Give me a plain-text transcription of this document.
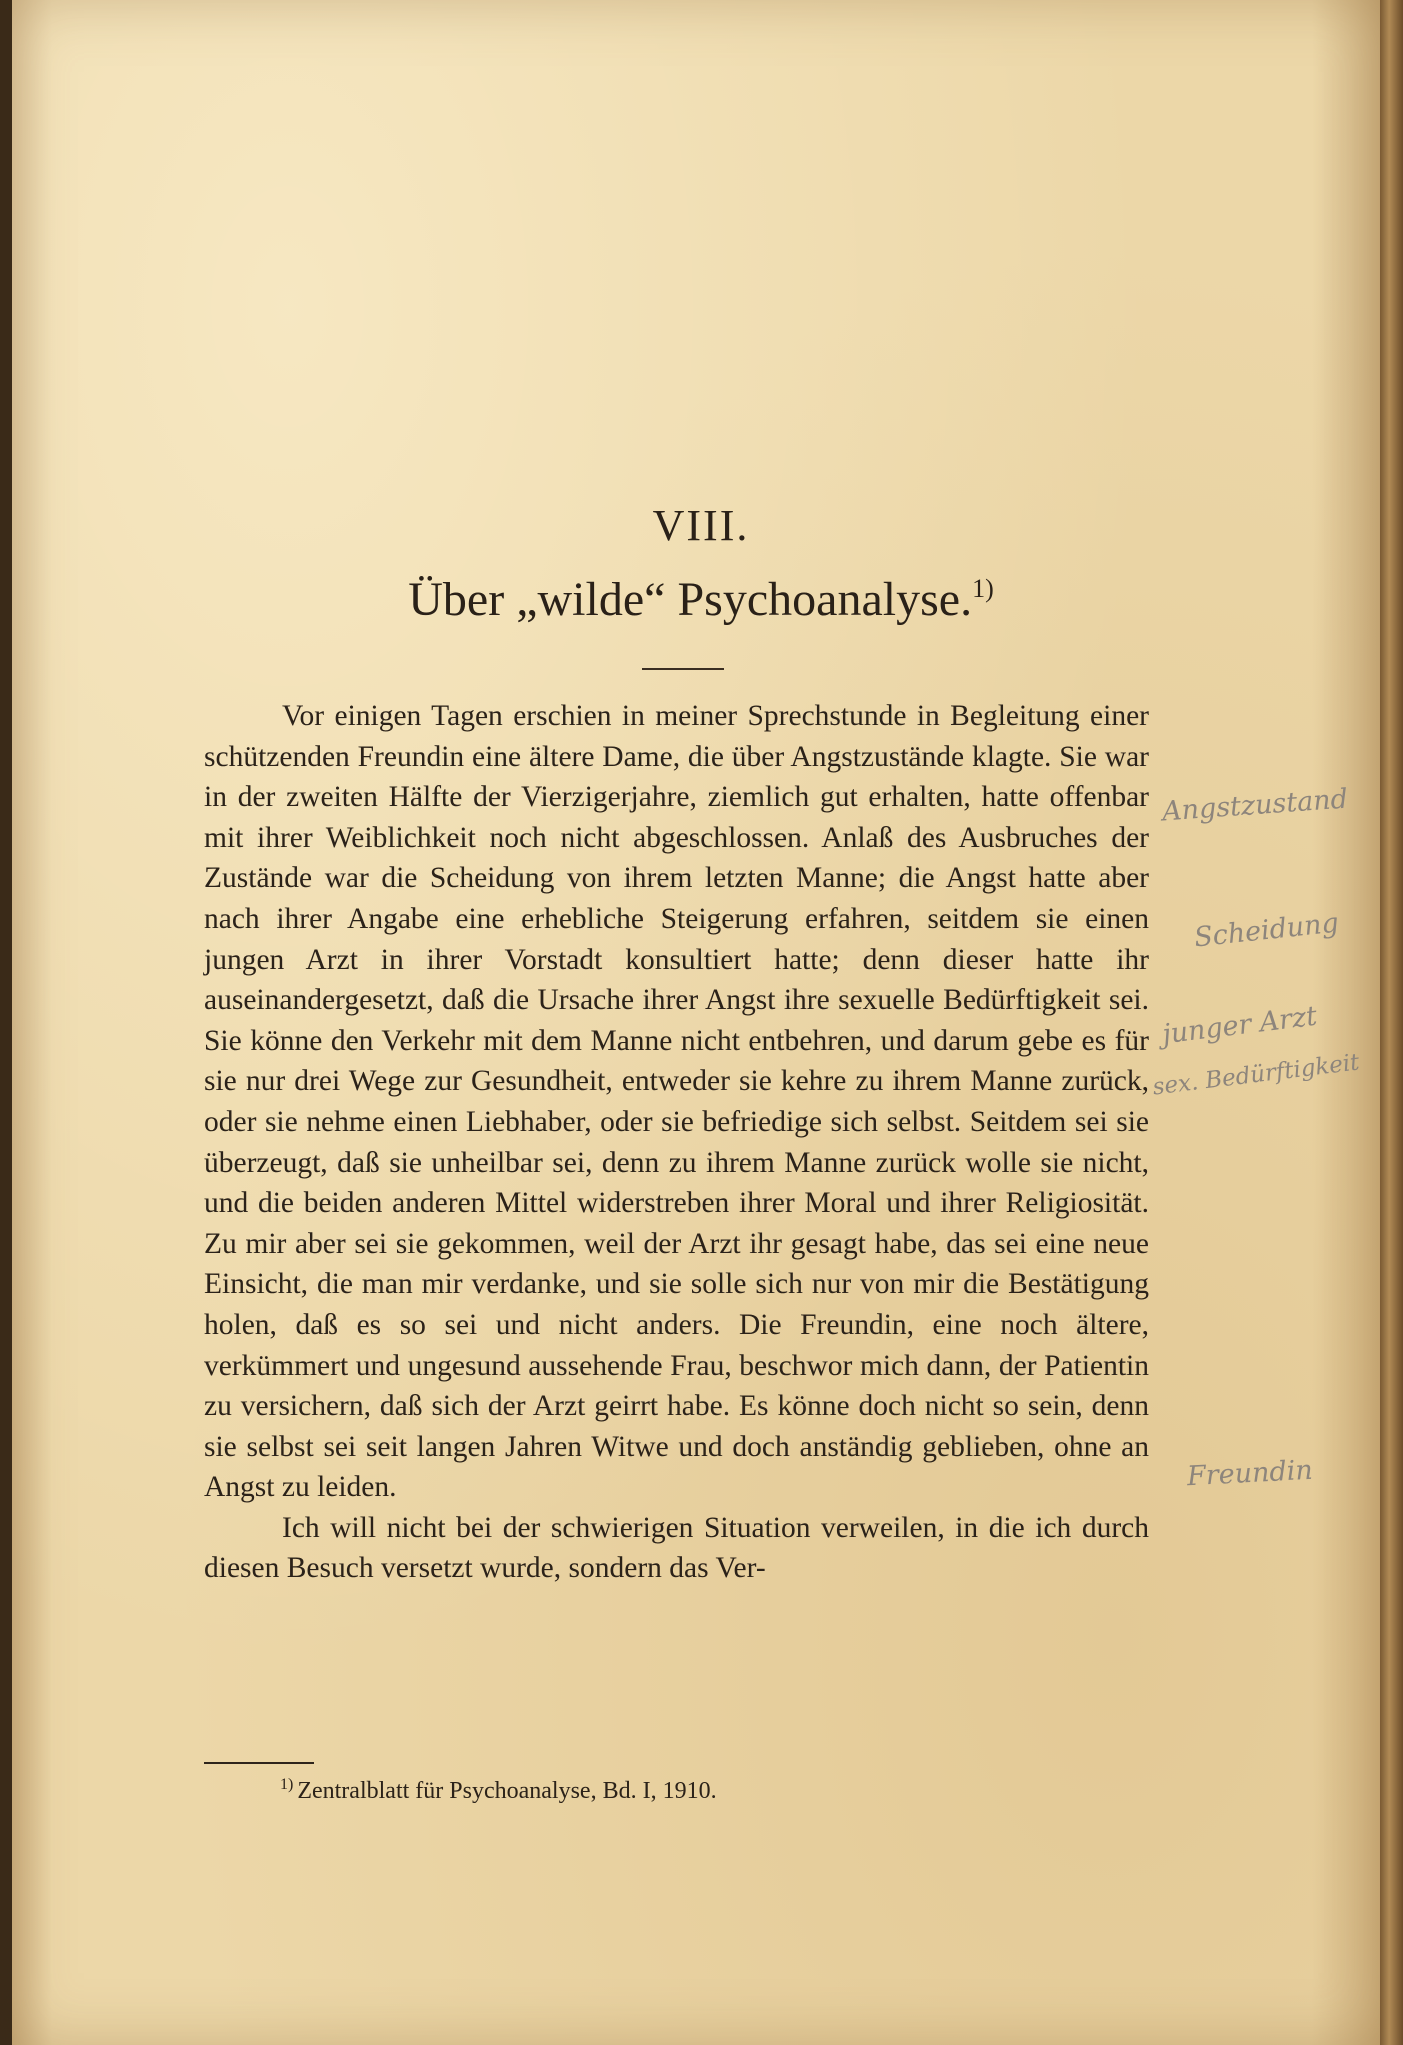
VIII.
Über „wilde“ Psychoanalyse.$^{1)}$

Vor einigen Tagen erschien in meiner Sprechstunde in Begleitung einer schützenden Freundin eine ältere Dame, die über Angstzustände klagte. Sie war in der zweiten Hälfte der Vierzigerjahre, ziemlich gut erhalten, hatte offenbar mit ihrer Weiblichkeit noch nicht abgeschlossen. Anlaß des Ausbruches der Zustände war die Scheidung von ihrem letzten Manne; die Angst hatte aber nach ihrer Angabe eine erhebliche Steigerung erfahren, seitdem sie einen jungen Arzt in ihrer Vorstadt konsultiert hatte; denn dieser hatte ihr auseinandergesetzt, daß die Ursache ihrer Angst ihre sexuelle Bedürftigkeit sei. Sie könne den Verkehr mit dem Manne nicht entbehren, und darum gebe es für sie nur drei Wege zur Gesundheit, entweder sie kehre zu ihrem Manne zurück, oder sie nehme einen Liebhaber, oder sie befriedige sich selbst. Seitdem sei sie überzeugt, daß sie unheilbar sei, denn zu ihrem Manne zurück wolle sie nicht, und die beiden anderen Mittel widerstreben ihrer Moral und ihrer Religiosität. Zu mir aber sei sie gekommen, weil der Arzt ihr gesagt habe, das sei eine neue Einsicht, die man mir verdanke, und sie solle sich nur von mir die Bestätigung holen, daß es so sei und nicht anders. Die Freundin, eine noch ältere, verkümmert und ungesund aussehende Frau, beschwor mich dann, der Patientin zu versichern, daß sich der Arzt geirrt habe. Es könne doch nicht so sein, denn sie selbst sei seit langen Jahren Witwe und doch anständig geblieben, ohne an Angst zu leiden.

Ich will nicht bei der schwierigen Situation verweilen, in die ich durch diesen Besuch versetzt wurde, sondern das Ver-

$^{1)}$ Zentralblatt für Psychoanalyse, Bd. I, 1910.
Angstzustand
Scheidung
junger Arzt
sex. Bedürftigkeit
Freundin
